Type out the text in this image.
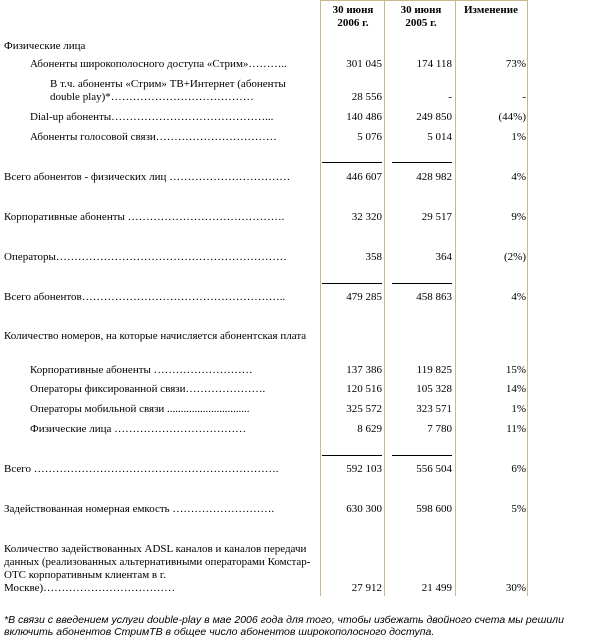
30 июня 2006 г.
30 июня 2005 г.
Изменение
Физические лица
Абоненты широкополосного доступа «Стрим»………..	301 045	174 118	73%
В т.ч. абоненты «Стрим» ТВ+Интернет (абоненты double play)*…………………………………	28 556	-	-
Dial-up абоненты……………………………………...	140 486	249 850	(44%)
Абоненты голосовой связи……………………………	5 076	5 014	1%
Всего абонентов - физических лиц ……………………………	446 607	428 982	4%
Корпоративные абоненты …………………………………….	32 320	29 517	9%
Операторы………………………………………………………	358	364	(2%)
Всего абонентов………………………………………………..	479 285	458 863	4%
Количество номеров, на которые начисляется абонентская плата
Корпоративные абоненты ………………………	137 386	119 825	15%
Операторы фиксированной связи………………….	120 516	105 328	14%
Операторы мобильной связи ..............................	325 572	323 571	1%
Физические лица ………………………………	8 629	7 780	11%
Всего ………………………………………………………….	592 103	556 504	6%
Задействованная номерная емкость ……………………….	630 300	598 600	5%
Количество задействованных ADSL каналов и каналов передачи данных (реализованных альтернативными операторами Комстар-ОТС корпоративным клиентам в г. Москве)………………………………	27 912	21 499	30%
*В связи с введением услуги double-play в мае 2006 года для того, чтобы избежать двойного счета мы решили включить абонентов СтримТВ в общее число абонентов широкополосного доступа.
